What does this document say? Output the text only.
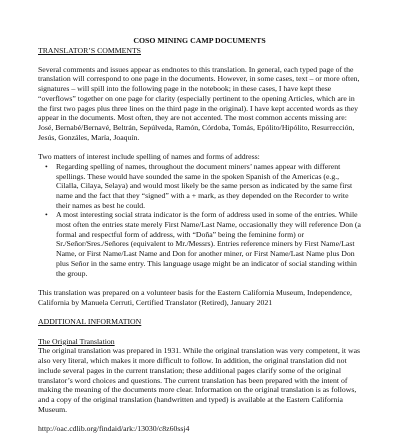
COSO MINING CAMP DOCUMENTS

TRANSLATOR’S COMMENTS

Several comments and issues appear as endnotes to this translation. In general, each typed page of the translation will correspond to one page in the documents. However, in some cases, text – or more often, signatures – will spill into the following page in the notebook; in these cases, I have kept these “overflows” together on one page for clarity (especially pertinent to the opening Articles, which are in the first two pages plus three lines on the third page in the original). I have kept accented words as they appear in the documents. Most often, they are not accented. The most common accents missing are: José, Bernabé/Bernavé, Beltrán, Sepúlveda, Ramón, Córdoba, Tomás, Epólito/Hipólito, Resurrección, Jesús, Gonzáles, María, Joaquín.

Two matters of interest include spelling of names and forms of address:

• Regarding spelling of names, throughout the document miners’ names appear with different spellings. These would have sounded the same in the spoken Spanish of the Americas (e.g., Cilalla, Cilaya, Selaya) and would most likely be the same person as indicated by the same first name and the fact that they “signed” with a + mark, as they depended on the Recorder to write their names as best he could.
• A most interesting social strata indicator is the form of address used in some of the entries. While most often the entries state merely First Name/Last Name, occasionally they will reference Don (a formal and respectful form of address, with “Doña” being the feminine form) or Sr./Señor/Sres./Señores (equivalent to Mr./Messrs). Entries reference miners by First Name/Last Name, or First Name/Last Name and Don for another miner, or First Name/Last Name plus Don plus Señor in the same entry. This language usage might be an indicator of social standing within the group.

This translation was prepared on a volunteer basis for the Eastern California Museum, Independence, California by Manuela Cerruti, Certified Translator (Retired), January 2021

ADDITIONAL INFORMATION

The Original Translation

The original translation was prepared in 1931. While the original translation was very competent, it was also very literal, which makes it more difficult to follow. In addition, the original translation did not include several pages in the current translation; these additional pages clarify some of the original translator’s word choices and questions. The current translation has been prepared with the intent of making the meaning of the documents more clear. Information on the original translation is as follows, and a copy of the original translation (handwritten and typed) is available at the Eastern California Museum.

http://oac.cdlib.org/findaid/ark:/13030/c8z60ssj4
